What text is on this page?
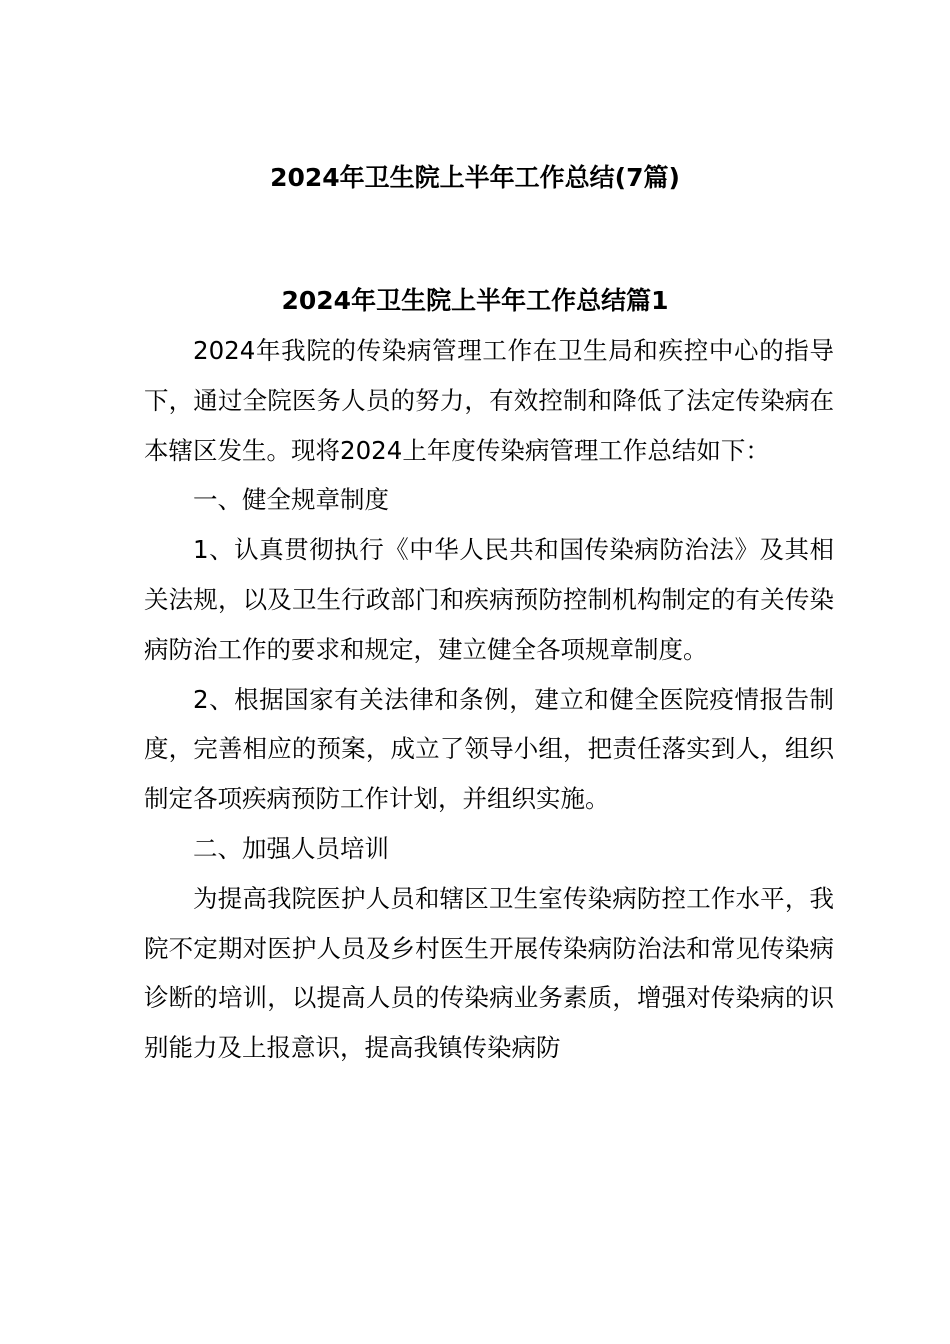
2024年卫生院上半年工作总结(7篇)
2024年卫生院上半年工作总结篇1

2024年我院的传染病管理工作在卫生局和疾控中心的指导下，通过全院医务人员的努力，有效控制和降低了法定传染病在本辖区发生。现将2024上年度传染病管理工作总结如下：

一、健全规章制度

1、认真贯彻执行《中华人民共和国传染病防治法》及其相关法规，以及卫生行政部门和疾病预防控制机构制定的有关传染病防治工作的要求和规定，建立健全各项规章制度。

2、根据国家有关法律和条例，建立和健全医院疫情报告制度，完善相应的预案，成立了领导小组，把责任落实到人，组织制定各项疾病预防工作计划，并组织实施。

二、加强人员培训

为提高我院医护人员和辖区卫生室传染病防控工作水平，我院不定期对医护人员及乡村医生开展传染病防治法和常见传染病诊断的培训，以提高人员的传染病业务素质，增强对传染病的识别能力及上报意识，提高我镇传染病防
